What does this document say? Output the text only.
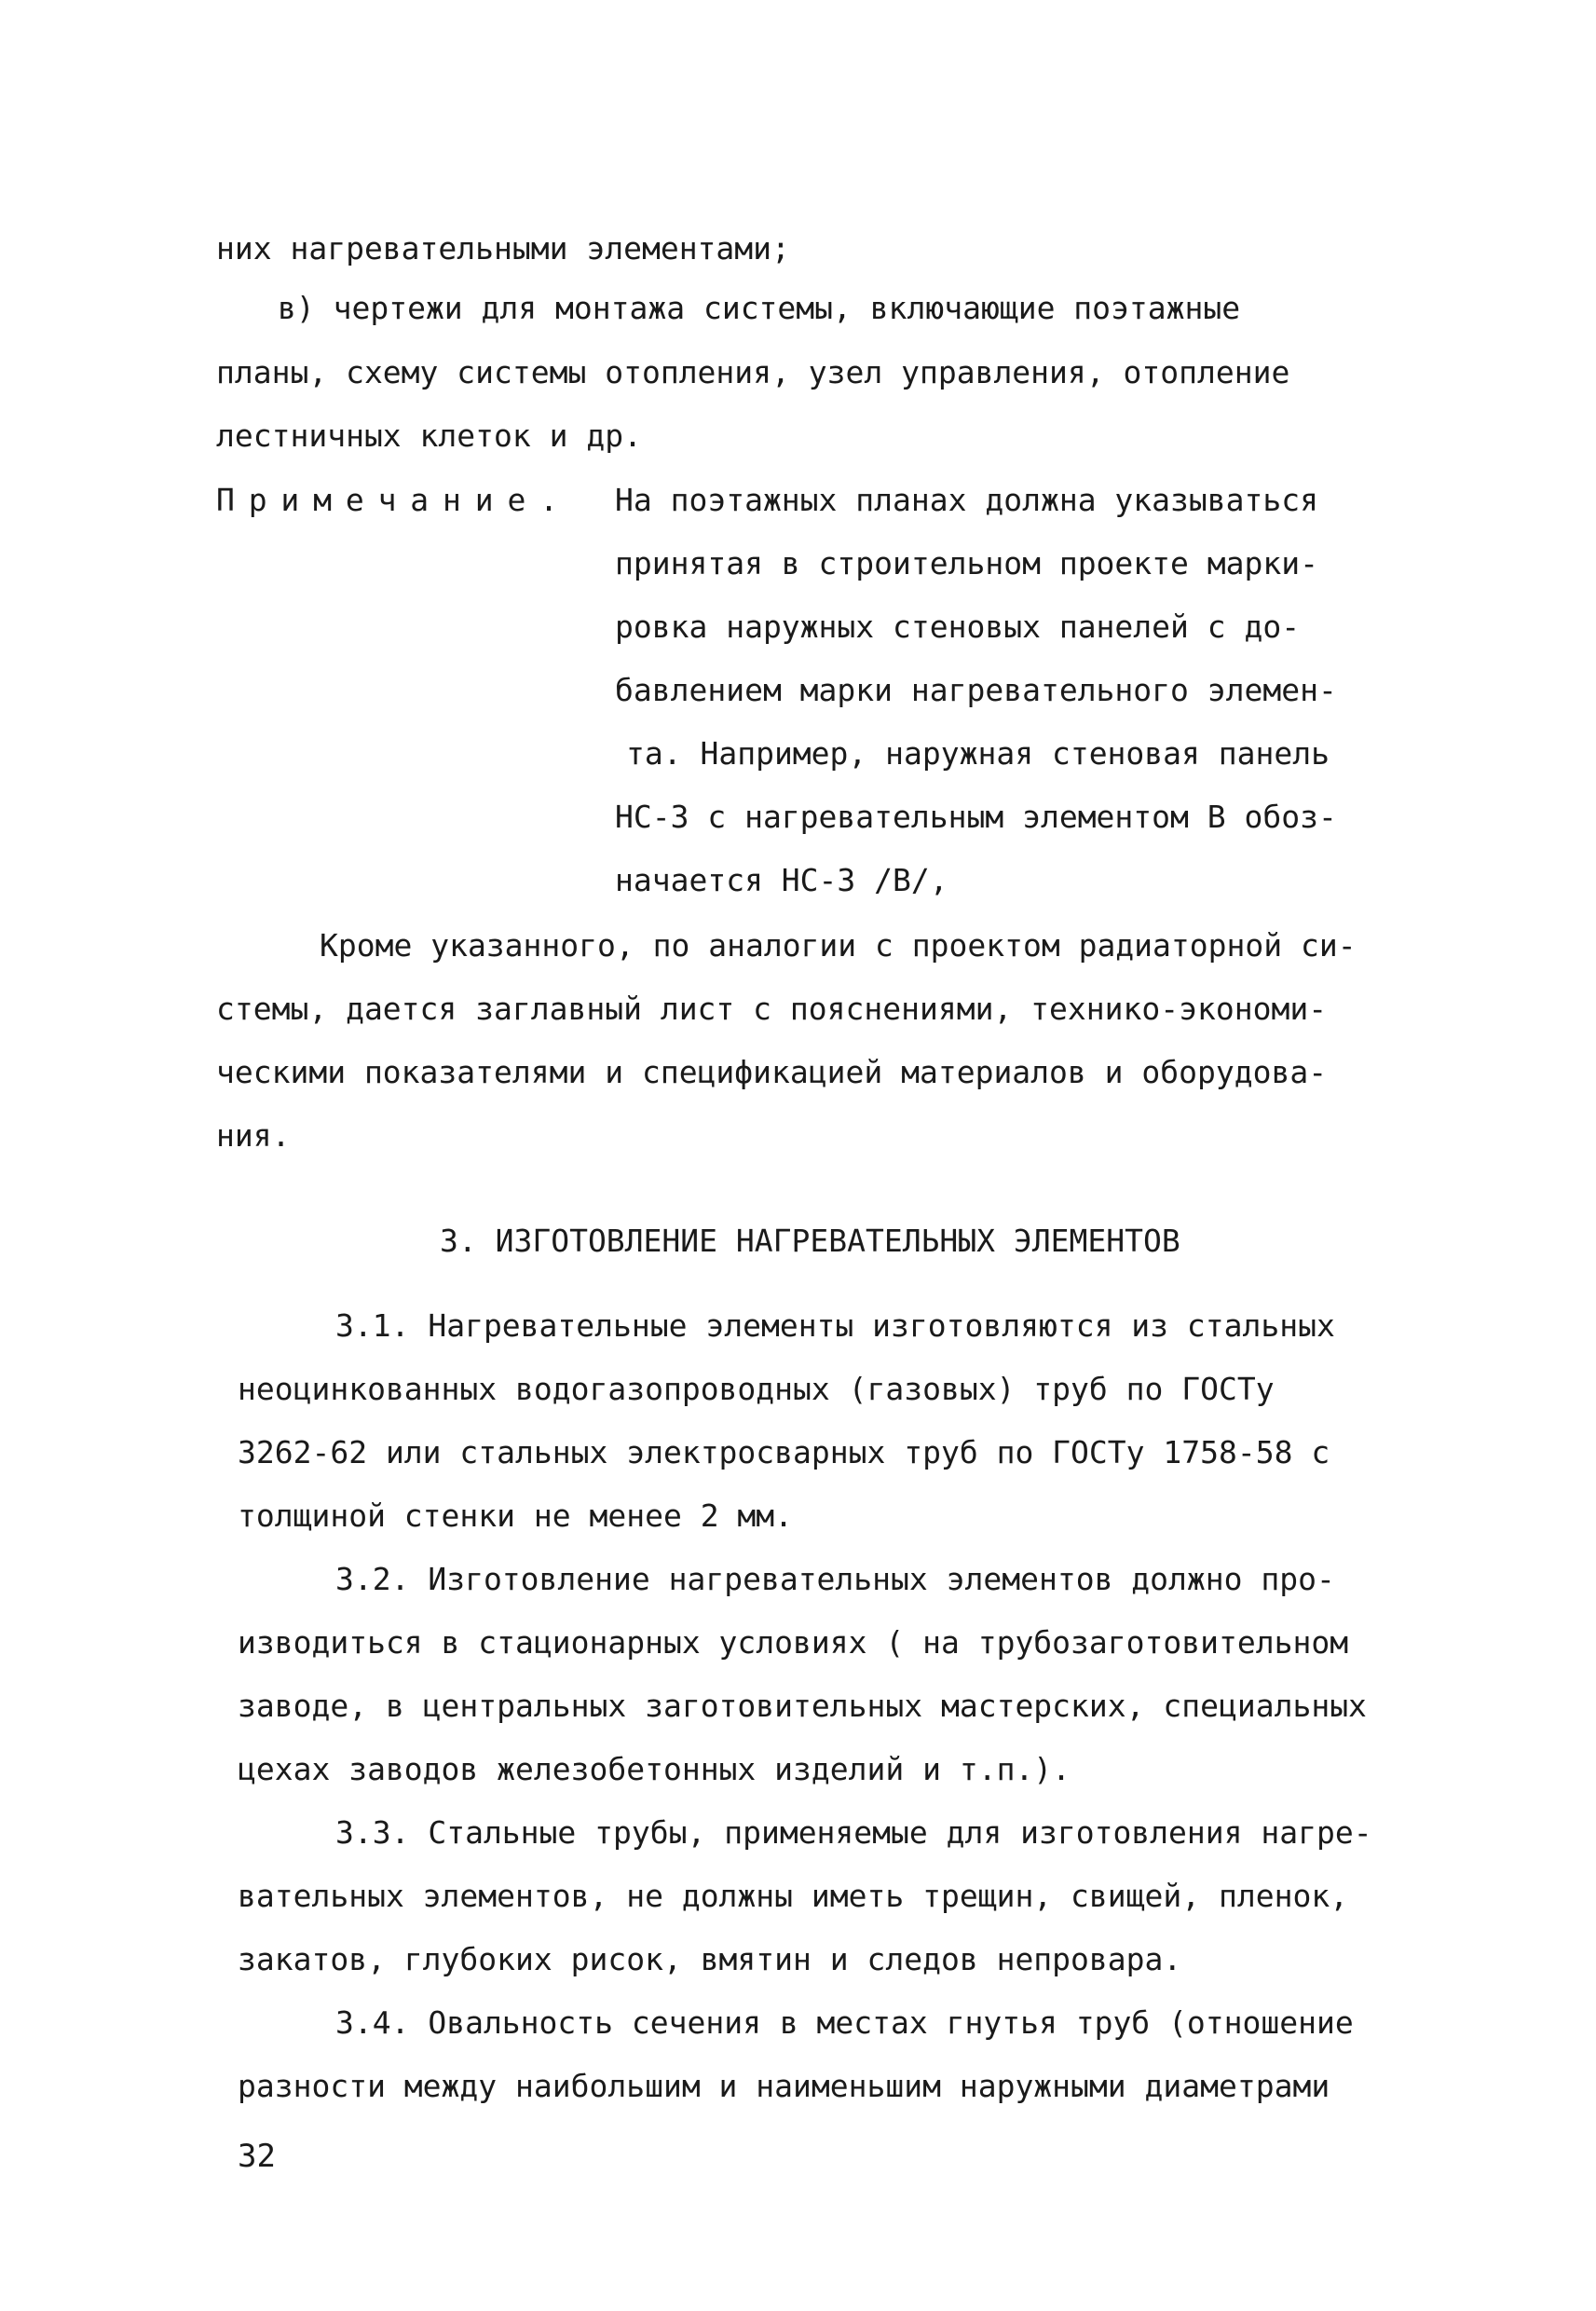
них нагревательными элементами;

в) чертежи для монтажа системы, включающие поэтажные

планы, схему системы отопления, узел управления, отопление

лестничных клеток и др.

Примечание. На поэтажных планах должна указываться

принятая в строительном проекте марки-

ровка наружных стеновых панелей с до-

бавлением марки нагревательного элемен-

та. Например, наружная стеновая панель

НС-3 с нагревательным элементом В обоз-

начается НС-3 /В/,

Кроме указанного, по аналогии с проектом радиаторной си-

стемы, дается заглавный лист с пояснениями, технико-экономи-

ческими показателями и спецификацией материалов и оборудова-

ния.

3. ИЗГОТОВЛЕНИЕ НАГРЕВАТЕЛЬНЫХ ЭЛЕМЕНТОВ

3.1. Нагревательные элементы изготовляются из стальных

неоцинкованных водогазопроводных (газовых) труб по ГОСТу

3262-62 или стальных электросварных труб по ГОСТу 1758-58 с

толщиной стенки не менее 2 мм.

3.2. Изготовление нагревательных элементов должно про-

изводиться в стационарных условиях ( на трубозаготовительном

заводе, в центральных заготовительных мастерских, специальных

цехах заводов железобетонных изделий и т.п.).

3.3. Стальные трубы, применяемые для изготовления нагре-

вательных элементов, не должны иметь трещин, свищей, пленок,

закатов, глубоких рисок, вмятин и следов непровара.

3.4. Овальность сечения в местах гнутья труб (отношение

разности между наибольшим и наименьшим наружными диаметрами

32
